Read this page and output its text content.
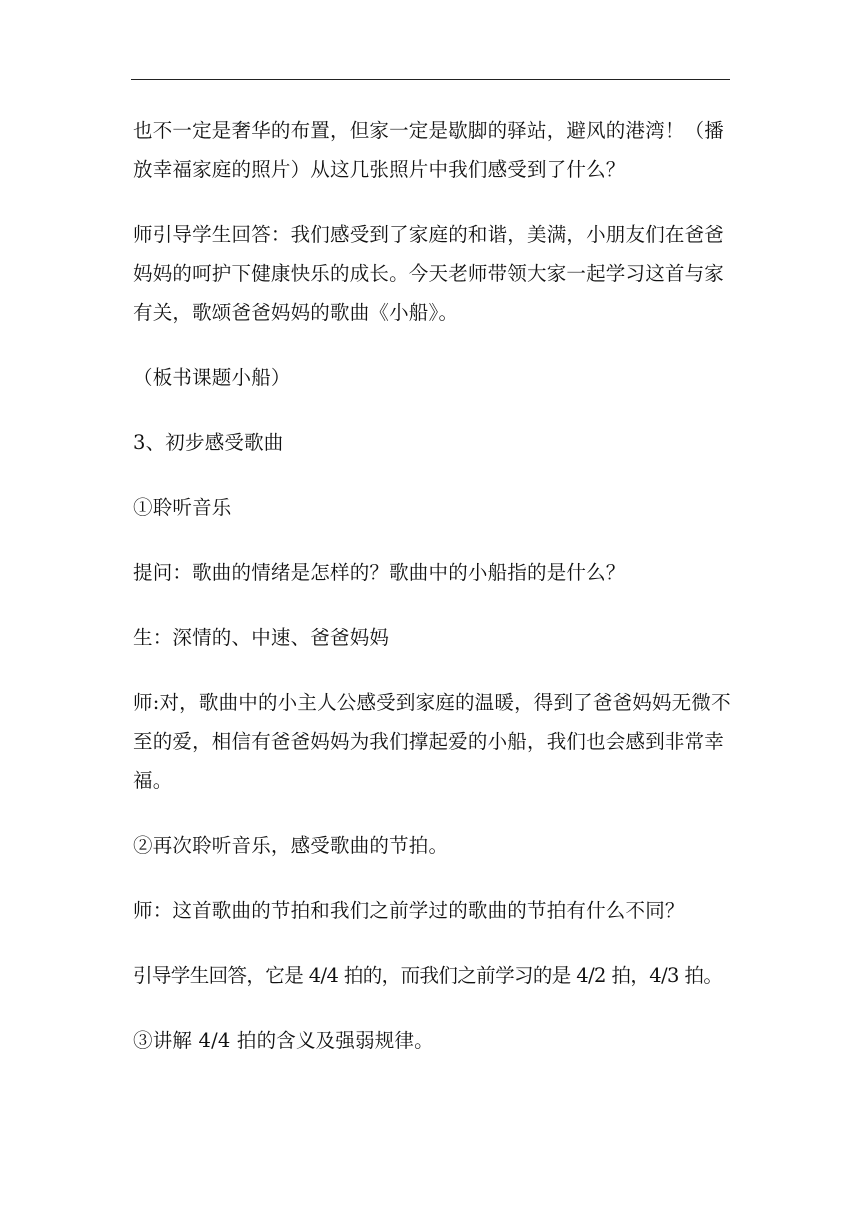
也不一定是奢华的布置，但家一定是歇脚的驿站，避风的港湾！（播放幸福家庭的照片）从这几张照片中我们感受到了什么？

师引导学生回答：我们感受到了家庭的和谐，美满，小朋友们在爸爸妈妈的呵护下健康快乐的成长。今天老师带领大家一起学习这首与家有关，歌颂爸爸妈妈的歌曲《小船》。

（板书课题小船）

3、初步感受歌曲

①聆听音乐

提问：歌曲的情绪是怎样的？歌曲中的小船指的是什么？

生：深情的、中速、爸爸妈妈

师:对，歌曲中的小主人公感受到家庭的温暖，得到了爸爸妈妈无微不至的爱，相信有爸爸妈妈为我们撑起爱的小船，我们也会感到非常幸福。

②再次聆听音乐，感受歌曲的节拍。

师：这首歌曲的节拍和我们之前学过的歌曲的节拍有什么不同？

引导学生回答，它是 4/4 拍的，而我们之前学习的是 4/2 拍，4/3 拍。

③讲解 4/4 拍的含义及强弱规律。
